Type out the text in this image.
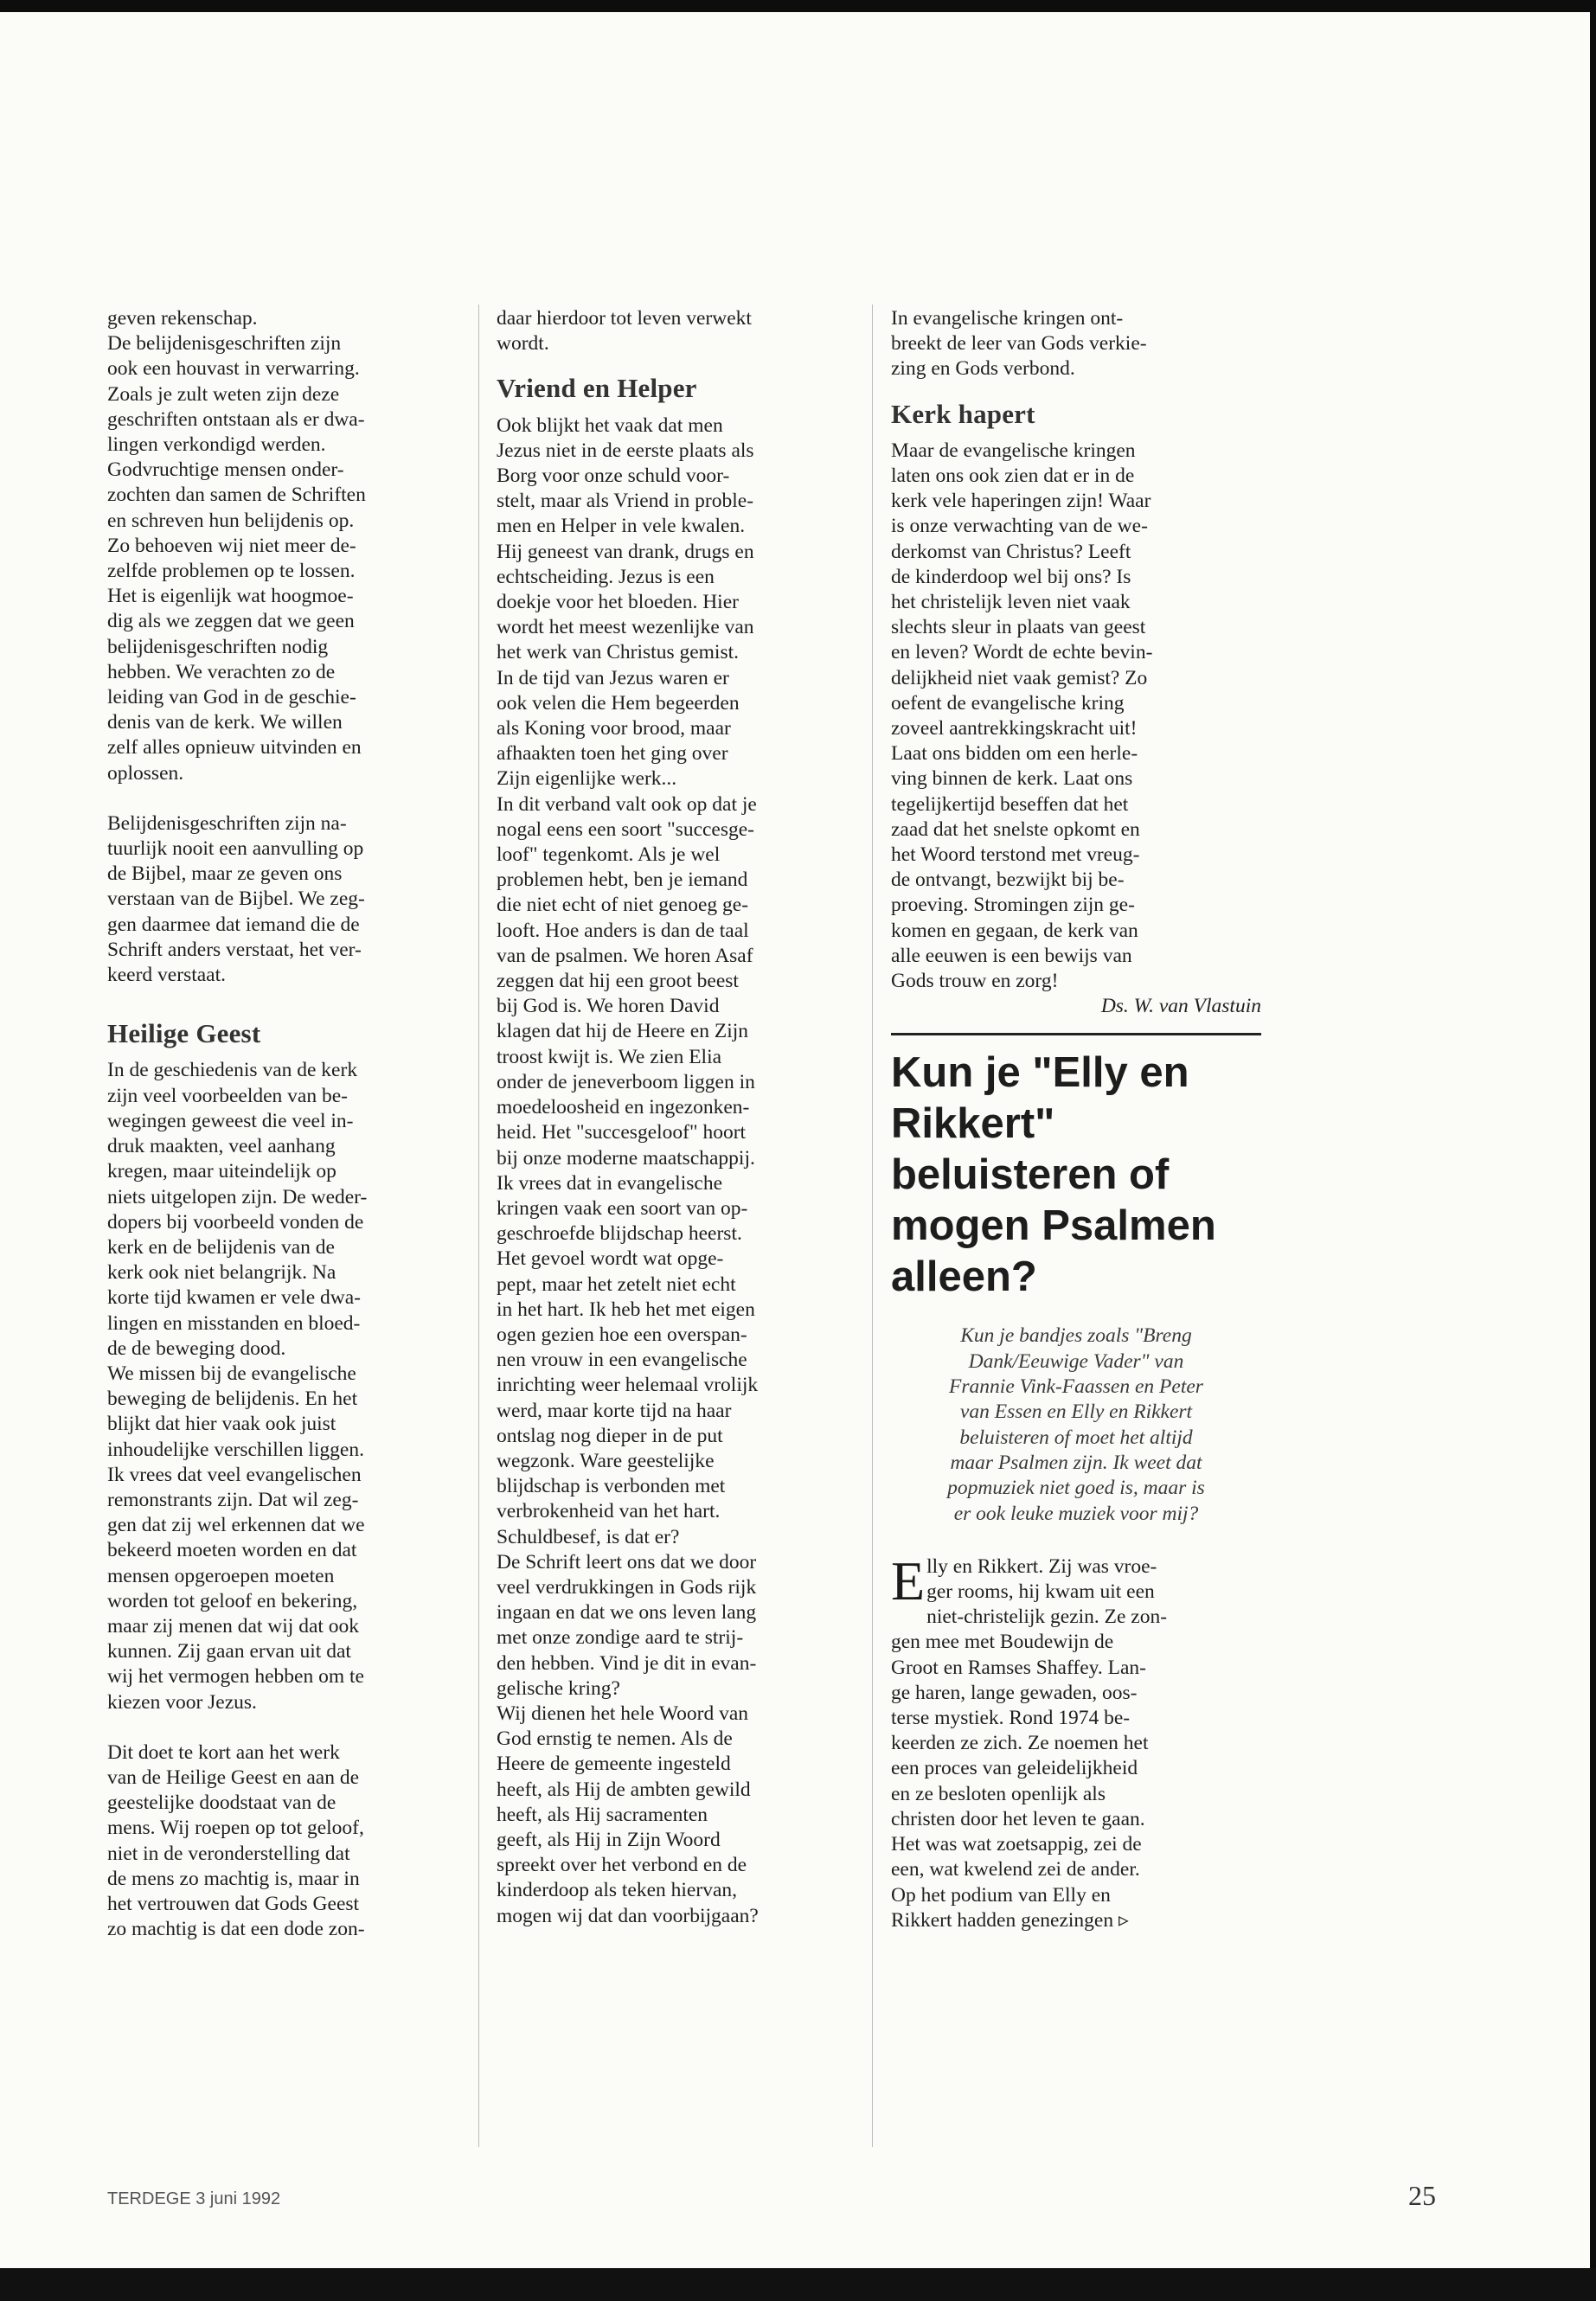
geven rekenschap.
De belijdenisgeschriften zijn
ook een houvast in verwarring.
Zoals je zult weten zijn deze
geschriften ontstaan als er dwa-
lingen verkondigd werden.
Godvruchtige mensen onder-
zochten dan samen de Schriften
en schreven hun belijdenis op.
Zo behoeven wij niet meer de-
zelfde problemen op te lossen.
Het is eigenlijk wat hoogmoe-
dig als we zeggen dat we geen
belijdenisgeschriften nodig
hebben. We verachten zo de
leiding van God in de geschie-
denis van de kerk. We willen
zelf alles opnieuw uitvinden en
oplossen.

Belijdenisgeschriften zijn na-
tuurlijk nooit een aanvulling op
de Bijbel, maar ze geven ons
verstaan van de Bijbel. We zeg-
gen daarmee dat iemand die de
Schrift anders verstaat, het ver-
keerd verstaat.

Heilige Geest

In de geschiedenis van de kerk
zijn veel voorbeelden van be-
wegingen geweest die veel in-
druk maakten, veel aanhang
kregen, maar uiteindelijk op
niets uitgelopen zijn. De weder-
dopers bij voorbeeld vonden de
kerk en de belijdenis van de
kerk ook niet belangrijk. Na
korte tijd kwamen er vele dwa-
lingen en misstanden en bloed-
de de beweging dood.
We missen bij de evangelische
beweging de belijdenis. En het
blijkt dat hier vaak ook juist
inhoudelijke verschillen liggen.
Ik vrees dat veel evangelischen
remonstrants zijn. Dat wil zeg-
gen dat zij wel erkennen dat we
bekeerd moeten worden en dat
mensen opgeroepen moeten
worden tot geloof en bekering,
maar zij menen dat wij dat ook
kunnen. Zij gaan ervan uit dat
wij het vermogen hebben om te
kiezen voor Jezus.

Dit doet te kort aan het werk
van de Heilige Geest en aan de
geestelijke doodstaat van de
mens. Wij roepen op tot geloof,
niet in de veronderstelling dat
de mens zo machtig is, maar in
het vertrouwen dat Gods Geest
zo machtig is dat een dode zon-

daar hierdoor tot leven verwekt
wordt.

Vriend en Helper

Ook blijkt het vaak dat men
Jezus niet in de eerste plaats als
Borg voor onze schuld voor-
stelt, maar als Vriend in proble-
men en Helper in vele kwalen.
Hij geneest van drank, drugs en
echtscheiding. Jezus is een
doekje voor het bloeden. Hier
wordt het meest wezenlijke van
het werk van Christus gemist.
In de tijd van Jezus waren er
ook velen die Hem begeerden
als Koning voor brood, maar
afhaakten toen het ging over
Zijn eigenlijke werk...
In dit verband valt ook op dat je
nogal eens een soort "succesge-
loof" tegenkomt. Als je wel
problemen hebt, ben je iemand
die niet echt of niet genoeg ge-
looft. Hoe anders is dan de taal
van de psalmen. We horen Asaf
zeggen dat hij een groot beest
bij God is. We horen David
klagen dat hij de Heere en Zijn
troost kwijt is. We zien Elia
onder de jeneverboom liggen in
moedeloosheid en ingezonken-
heid. Het "succesgeloof" hoort
bij onze moderne maatschappij.
Ik vrees dat in evangelische
kringen vaak een soort van op-
geschroefde blijdschap heerst.
Het gevoel wordt wat opge-
pept, maar het zetelt niet echt
in het hart. Ik heb het met eigen
ogen gezien hoe een overspan-
nen vrouw in een evangelische
inrichting weer helemaal vrolijk
werd, maar korte tijd na haar
ontslag nog dieper in de put
wegzonk. Ware geestelijke
blijdschap is verbonden met
verbrokenheid van het hart.
Schuldbesef, is dat er?
De Schrift leert ons dat we door
veel verdrukkingen in Gods rijk
ingaan en dat we ons leven lang
met onze zondige aard te strij-
den hebben. Vind je dit in evan-
gelische kring?
Wij dienen het hele Woord van
God ernstig te nemen. Als de
Heere de gemeente ingesteld
heeft, als Hij de ambten gewild
heeft, als Hij sacramenten
geeft, als Hij in Zijn Woord
spreekt over het verbond en de
kinderdoop als teken hiervan,
mogen wij dat dan voorbijgaan?

In evangelische kringen ont-
breekt de leer van Gods verkie-
zing en Gods verbond.

Kerk hapert

Maar de evangelische kringen
laten ons ook zien dat er in de
kerk vele haperingen zijn! Waar
is onze verwachting van de we-
derkomst van Christus? Leeft
de kinderdoop wel bij ons? Is
het christelijk leven niet vaak
slechts sleur in plaats van geest
en leven? Wordt de echte bevin-
delijkheid niet vaak gemist? Zo
oefent de evangelische kring
zoveel aantrekkingskracht uit!
Laat ons bidden om een herle-
ving binnen de kerk. Laat ons
tegelijkertijd beseffen dat het
zaad dat het snelste opkomt en
het Woord terstond met vreug-
de ontvangt, bezwijkt bij be-
proeving. Stromingen zijn ge-
komen en gegaan, de kerk van
alle eeuwen is een bewijs van
Gods trouw en zorg!

Ds. W. van Vlastuin

Kun je "Elly en
Rikkert"
beluisteren of
mogen Psalmen
alleen?

Kun je bandjes zoals "Breng
Dank/Eeuwige Vader" van
Frannie Vink-Faassen en Peter
van Essen en Elly en Rikkert
beluisteren of moet het altijd
maar Psalmen zijn. Ik weet dat
popmuziek niet goed is, maar is
er ook leuke muziek voor mij?

E lly en Rikkert. Zij was vroe-
ger rooms, hij kwam uit een
niet-christelijk gezin. Ze zon-
gen mee met Boudewijn de
Groot en Ramses Shaffey. Lan-
ge haren, lange gewaden, oos-
terse mystiek. Rond 1974 be-
keerden ze zich. Ze noemen het
een proces van geleidelijkheid
en ze besloten openlijk als
christen door het leven te gaan.
Het was wat zoetsappig, zei de
een, wat kwelend zei de ander.
Op het podium van Elly en
Rikkert hadden genezingen ▹

TERDEGE 3 juni 1992	25
